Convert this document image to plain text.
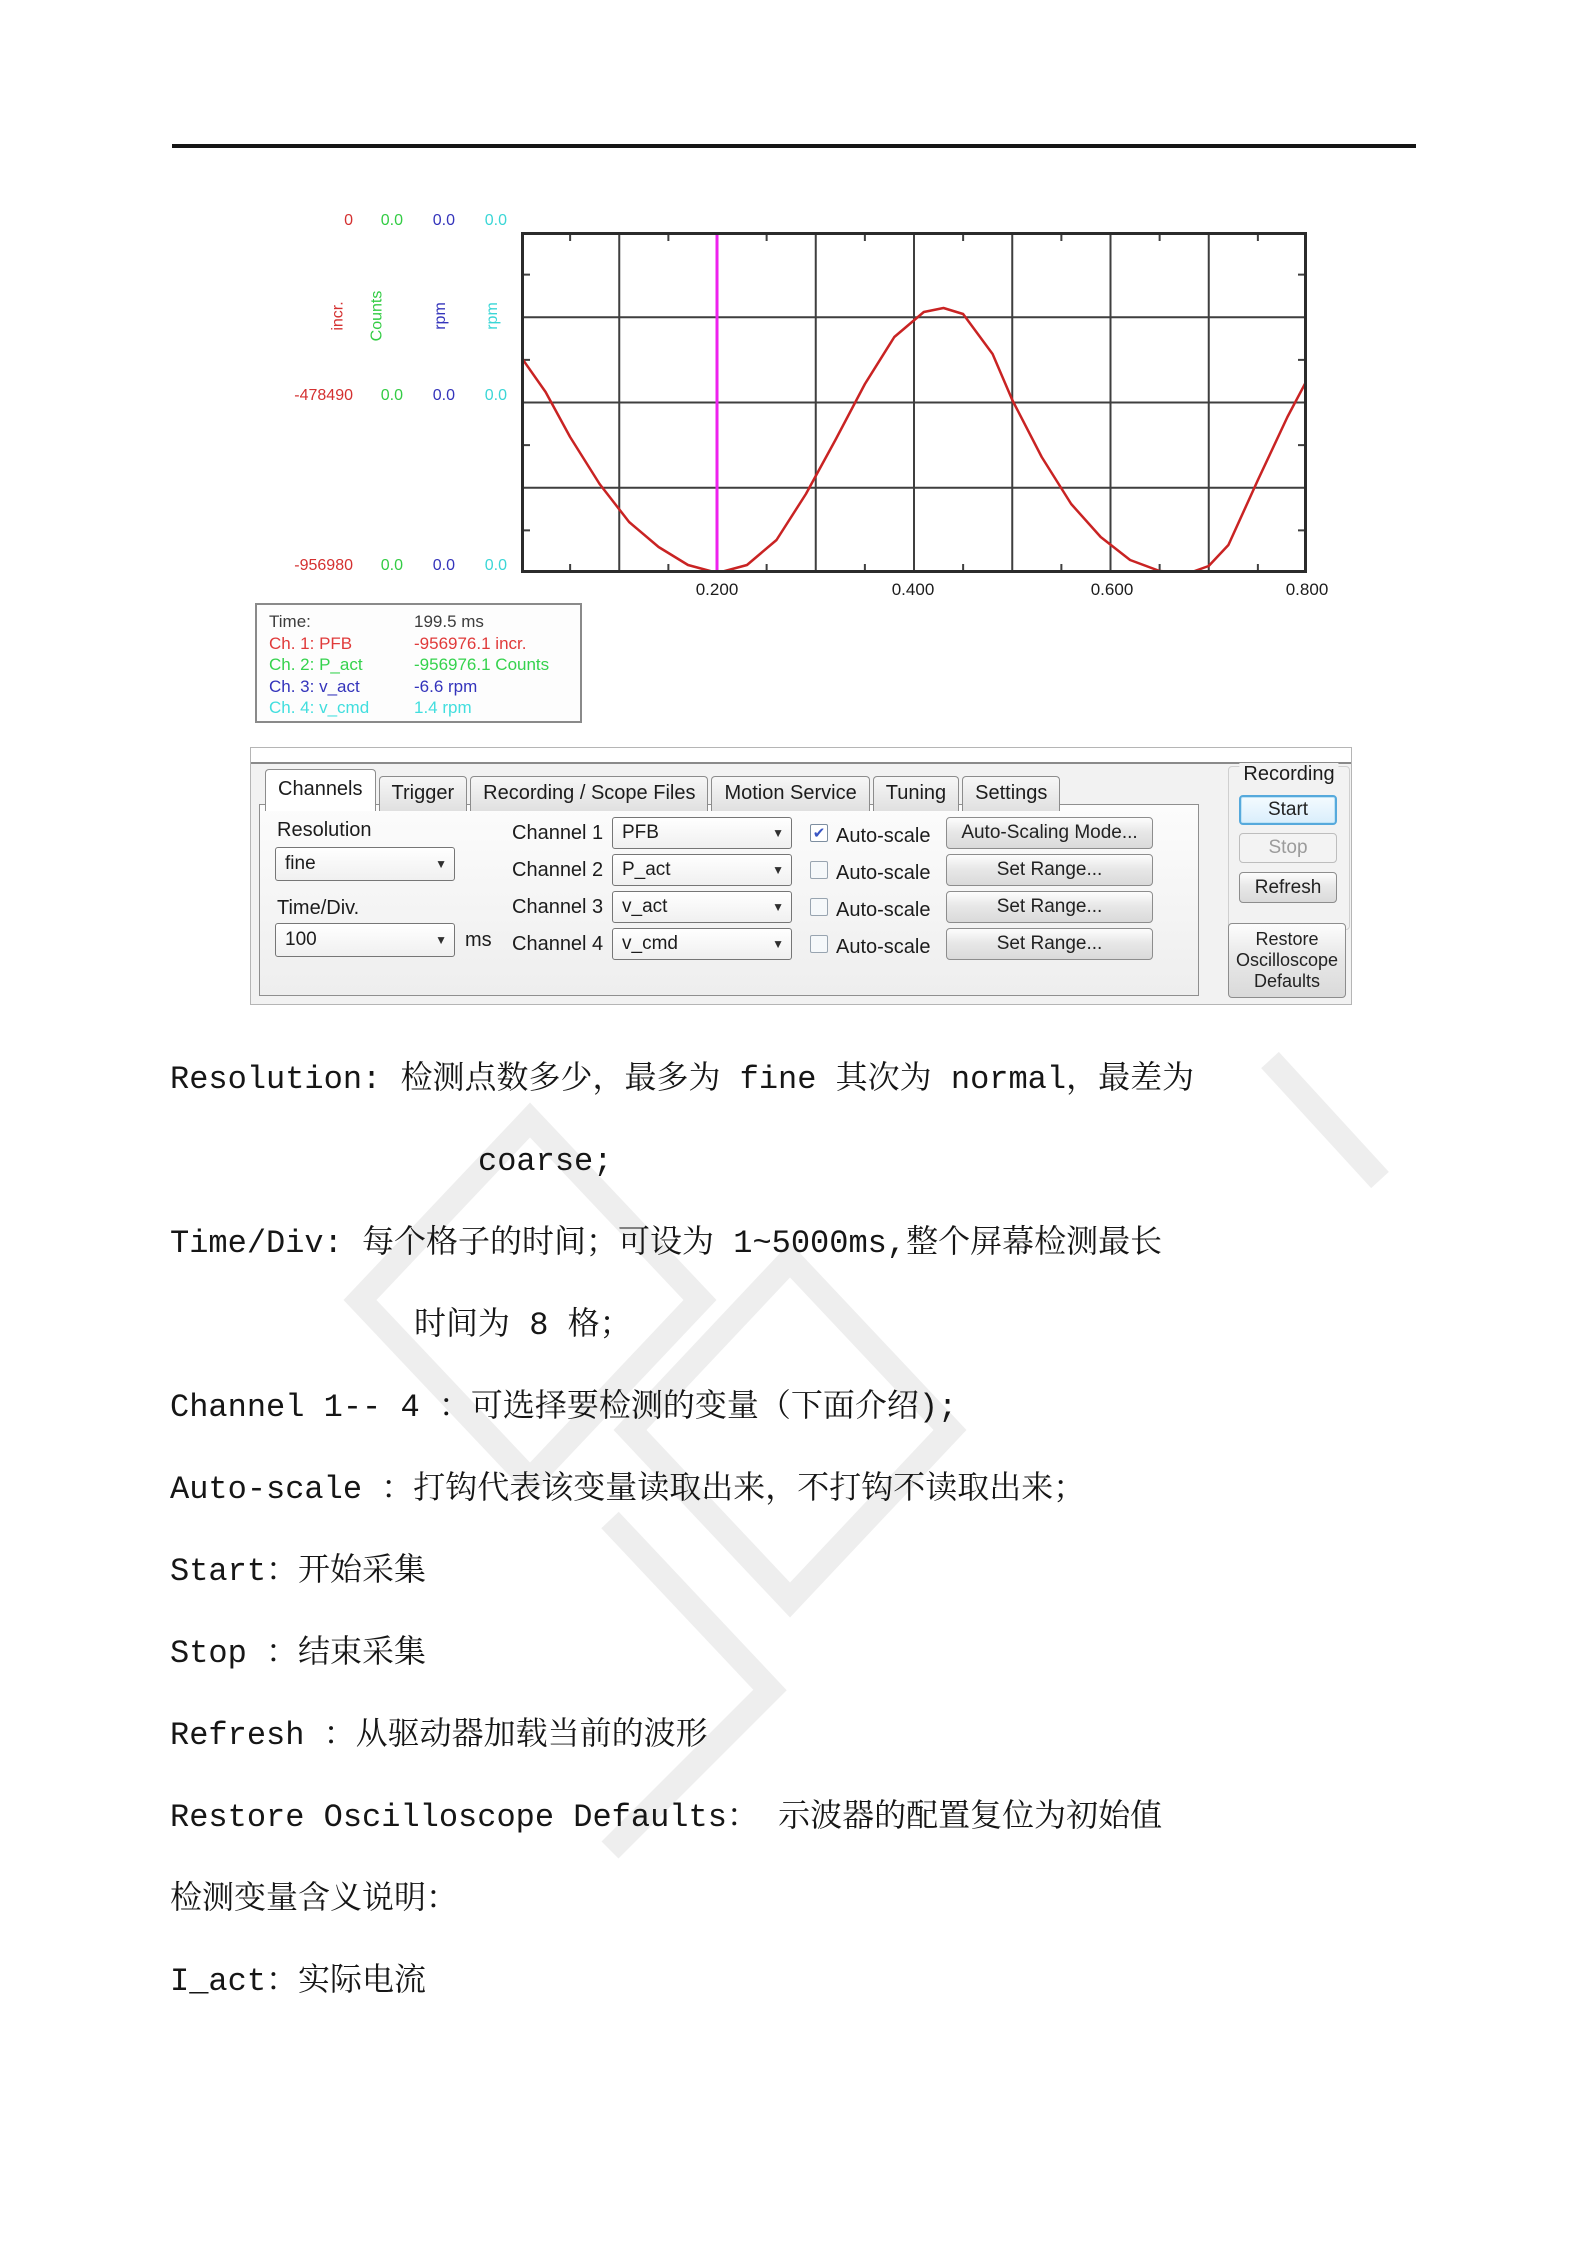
0	0.0	0.0	0.0
incr. Counts	rpm rpm
-478490	0.0	0.0	0.0
-956980	0.0	0.0	0.0
0.200	0.400	0.600	0.800
Time:	199.5 ms
Ch. 1: PFB	-956976.1 incr.
Ch. 2: P_act	-956976.1 Counts
Ch. 3: v_act	-6.6 rpm
Ch. 4: v_cmd	1.4 rpm
Channels Trigger Recording / Scope Files Motion Service Tuning Settings
Resolution
fine	▼
Time/Div.
100	▼ ms
Channel 1 PFB	▼ ✔ Auto-scale	Auto-Scaling Mode...
Channel 2 P_act	▼	Auto-scale	Set Range...
Channel 3 v_act	▼	Auto-scale	Set Range...
Channel 4 v_cmd	▼	Auto-scale	Set Range...
Recording
Start
Stop
Refresh
Restore Oscilloscope Defaults
Resolution: 检测点数多少，最多为 fine 其次为 normal，最差为
coarse;
Time/Div: 每个格子的时间；可设为 1~5000ms,整个屏幕检测最长
时间为 8 格；
Channel 1-- 4 ：可选择要检测的变量（下面介绍);
Auto-scale ：打钩代表该变量读取出来，不打钩不读取出来；
Start：开始采集
Stop ：结束采集
Refresh ：从驱动器加载当前的波形
Restore Oscilloscope Defaults： 示波器的配置复位为初始值
检测变量含义说明：
I_act：实际电流
